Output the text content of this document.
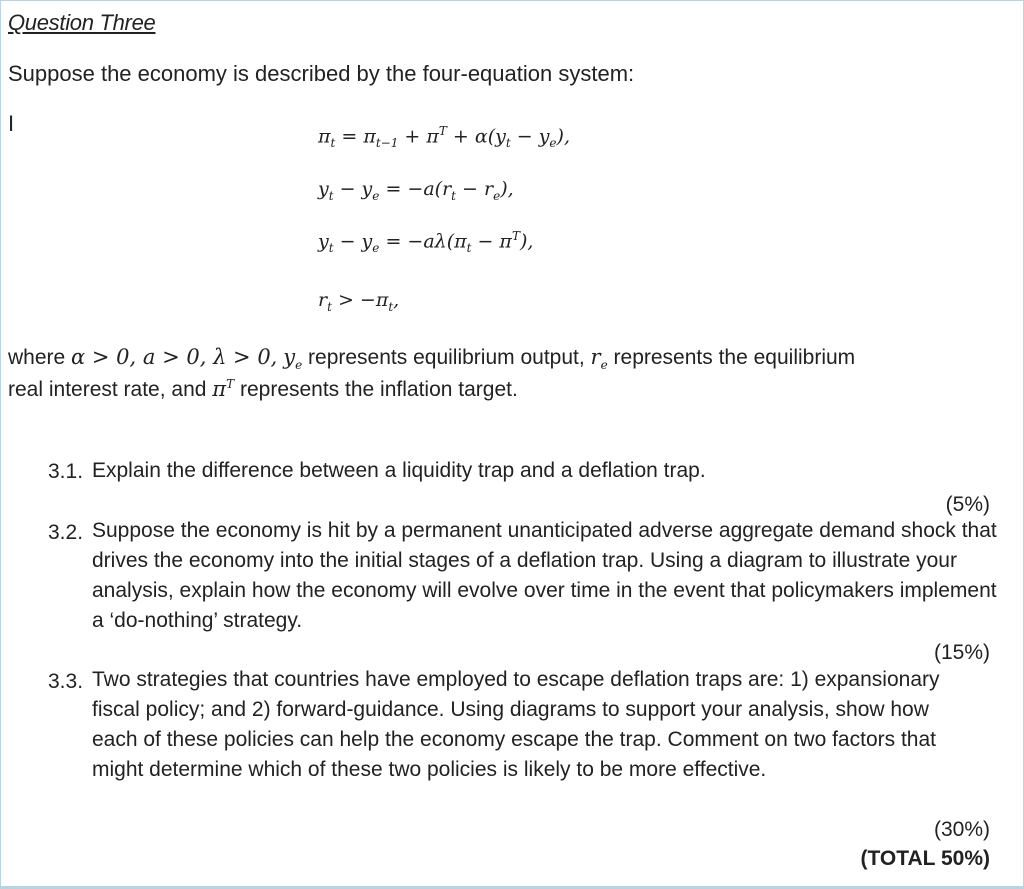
Question Three
Suppose the economy is described by the four-equation system:
I
$\pi_t = \pi_{t-1} + \pi^T + \alpha(y_t - y_e)$,
$y_t - y_e = -a(r_t - r_e)$,
$y_t - y_e = -a\lambda(\pi_t - \pi^T)$,
$r_t > -\pi_t$,
where α > 0, a > 0, λ > 0, $y_e$ represents equilibrium output, $r_e$ represents the equilibrium
real interest rate, and $\pi^T$ represents the inflation target.
3.1. Explain the difference between a liquidity trap and a deflation trap.
(5%)
3.2. Suppose the economy is hit by a permanent unanticipated adverse aggregate demand shock that drives the economy into the initial stages of a deflation trap. Using a diagram to illustrate your analysis, explain how the economy will evolve over time in the event that policymakers implement a ‘do-nothing’ strategy.
(15%)
3.3. Two strategies that countries have employed to escape deflation traps are: 1) expansionary fiscal policy; and 2) forward-guidance. Using diagrams to support your analysis, show how each of these policies can help the economy escape the trap. Comment on two factors that might determine which of these two policies is likely to be more effective.
(30%)
(TOTAL 50%)
